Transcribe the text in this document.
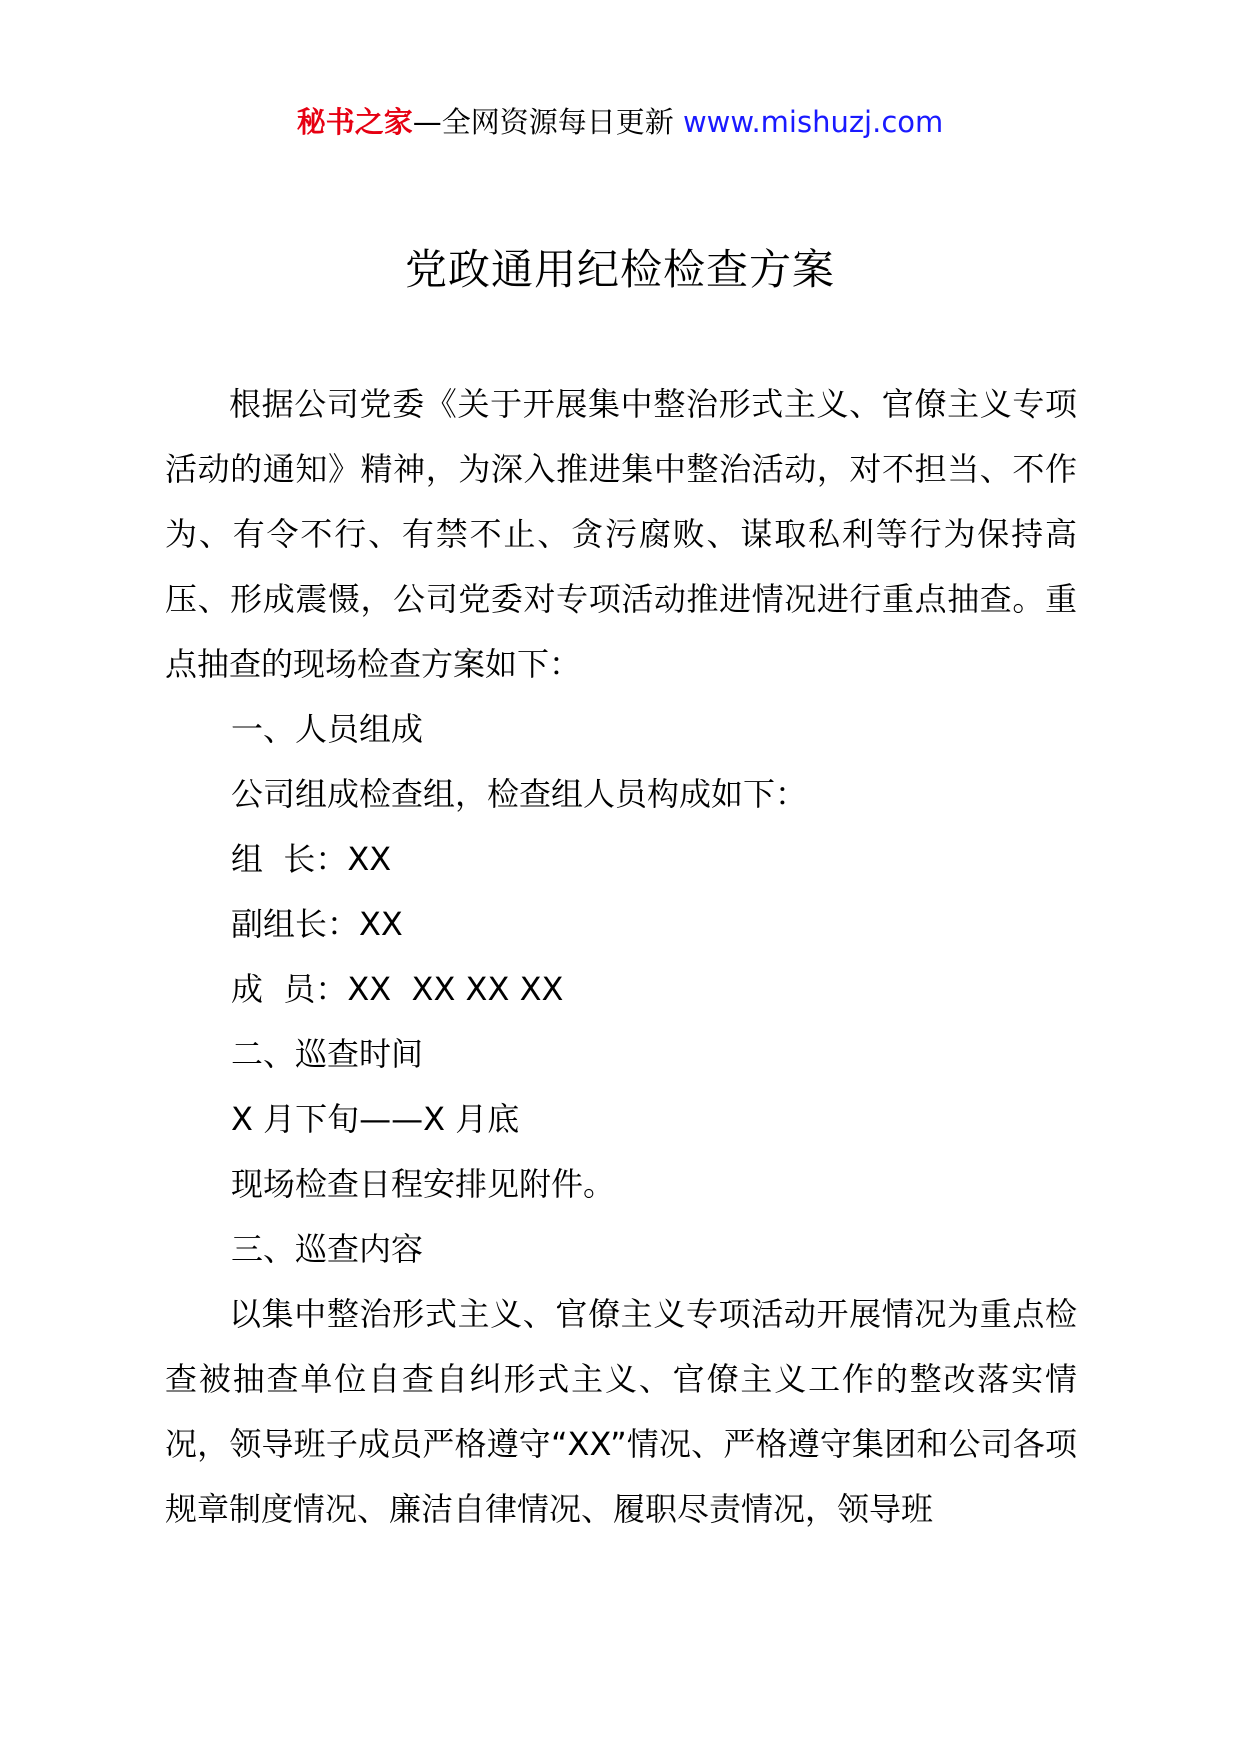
秘书之家—全网资源每日更新 www.mishuzj.com
党政通用纪检检查方案

根据公司党委《关于开展集中整治形式主义、官僚主义专项活动的通知》精神，为深入推进集中整治活动，对不担当、不作为、有令不行、有禁不止、贪污腐败、谋取私利等行为保持高压、形成震慑，公司党委对专项活动推进情况进行重点抽查。重点抽查的现场检查方案如下：

一、人员组成

公司组成检查组，检查组人员构成如下：

组  长：XX

副组长：XX

成  员：XX  XX XX XX

二、巡查时间

X 月下旬——X 月底

现场检查日程安排见附件。

三、巡查内容

以集中整治形式主义、官僚主义专项活动开展情况为重点检查被抽查单位自查自纠形式主义、官僚主义工作的整改落实情况，领导班子成员严格遵守“XX”情况、严格遵守集团和公司各项规章制度情况、廉洁自律情况、履职尽责情况，领导班
